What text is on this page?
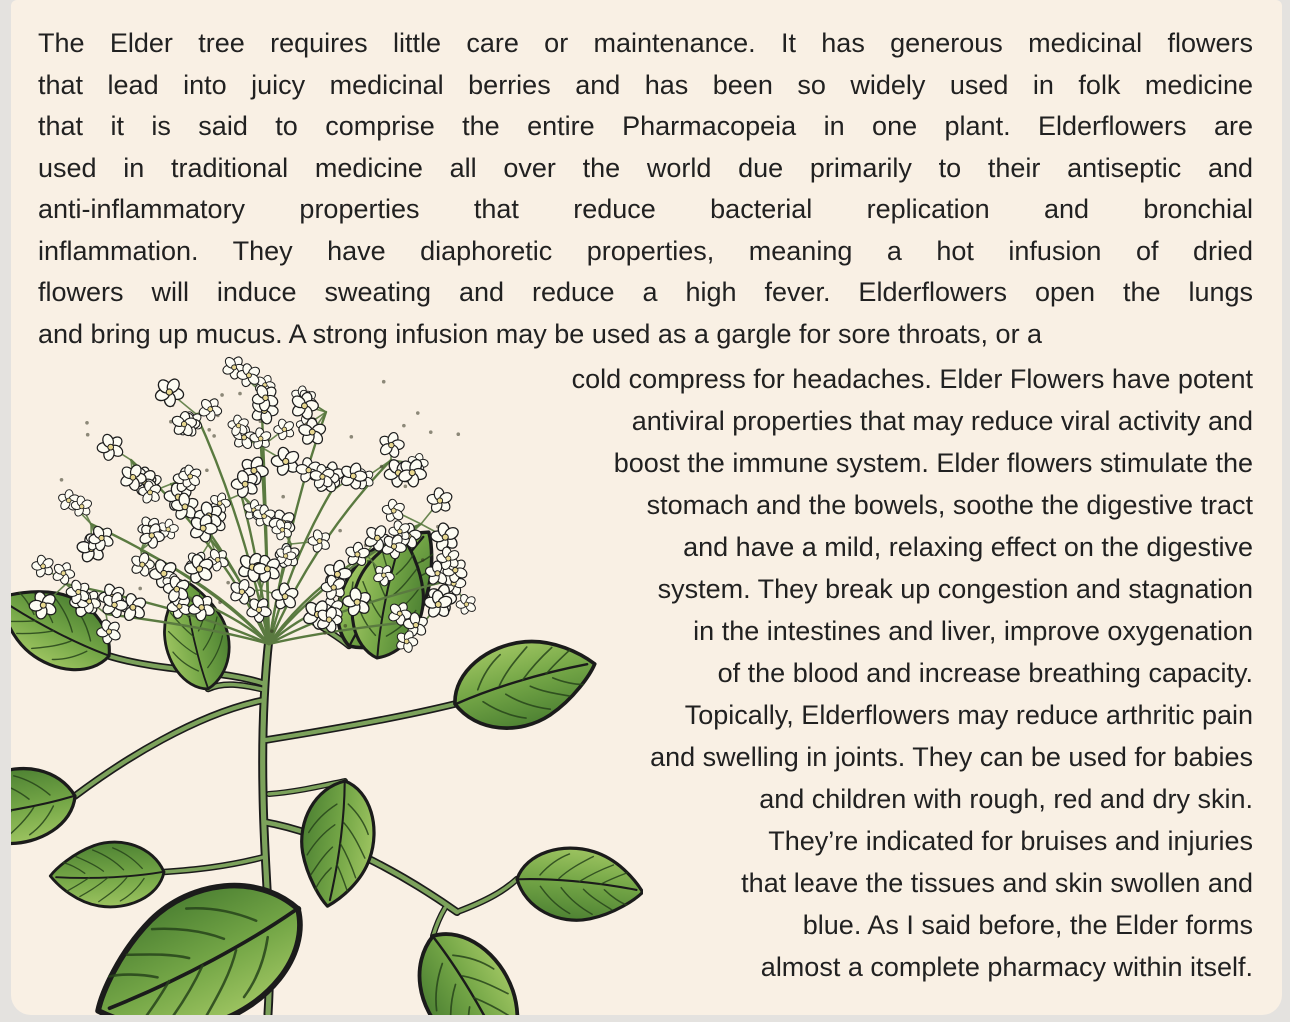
The Elder tree requires little care or maintenance. It has generous medicinal flowers
that lead into juicy medicinal berries and has been so widely used in folk medicine
that it is said to comprise the entire Pharmacopeia in one plant. Elderflowers are
used in traditional medicine all over the world due primarily to their antiseptic and
anti-inflammatory properties that reduce bacterial replication and bronchial
inflammation. They have diaphoretic properties, meaning a hot infusion of dried
flowers will induce sweating and reduce a high fever. Elderflowers open the lungs
and bring up mucus. A strong infusion may be used as a gargle for sore throats, or a
cold compress for headaches. Elder Flowers have potent
antiviral properties that may reduce viral activity and
boost the immune system. Elder flowers stimulate the
stomach and the bowels, soothe the digestive tract
and have a mild, relaxing effect on the digestive
system. They break up congestion and stagnation
in the intestines and liver, improve oxygenation
of the blood and increase breathing capacity.
Topically, Elderflowers may reduce arthritic pain
and swelling in joints. They can be used for babies
and children with rough, red and dry skin.
They’re indicated for bruises and injuries
that leave the tissues and skin swollen and
blue. As I said before, the Elder forms
almost a complete pharmacy within itself.
